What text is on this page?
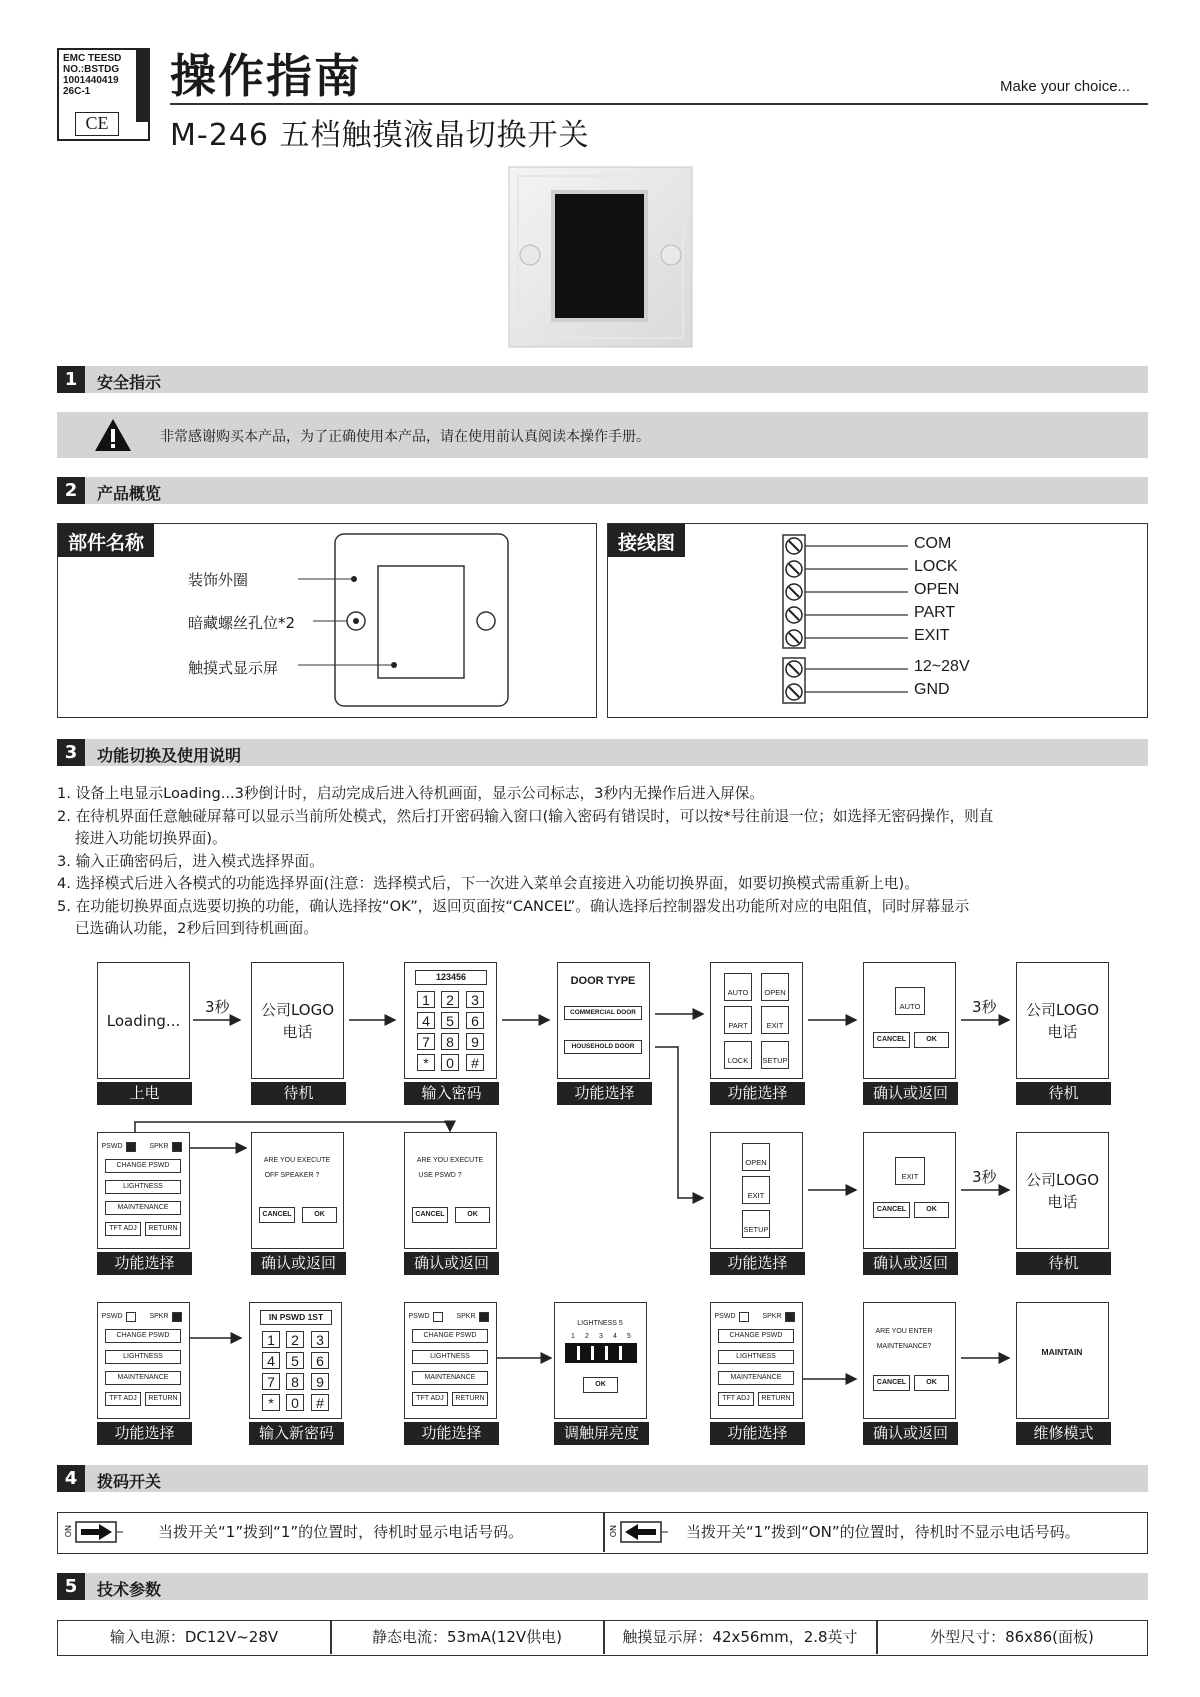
EMC TEESD
NO.:BSTDG
1001440419
26C-1
CE
操作指南	Make your choice...
M-246 五档触摸液晶切换开关
1	安全指示
非常感谢购买本产品，为了正确使用本产品，请在使用前认真阅读本操作手册。
2	产品概览
部件名称
装饰外圈
暗藏螺丝孔位*2
触摸式显示屏
接线图	COM
LOCK
OPEN
PART
EXIT
12~28V
GND
3	功能切换及使用说明
1. 设备上电显示Loading...3秒倒计时，启动完成后进入待机画面，显示公司标志，3秒内无操作后进入屏保。
2. 在待机界面任意触碰屏幕可以显示当前所处模式，然后打开密码输入窗口(输入密码有错误时，可以按*号往前退一位；如选择无密码操作，则直
接进入功能切换界面)。
3. 输入正确密码后，进入模式选择界面。
4. 选择模式后进入各模式的功能选择界面(注意：选择模式后，下一次进入菜单会直接进入功能切换界面，如要切换模式需重新上电)。
5. 在功能切换界面点选要切换的功能，确认选择按“OK”，返回页面按“CANCEL”。确认选择后控制器发出功能所对应的电阻值，同时屏幕显示
已选确认功能，2秒后回到待机画面。
3秒	3秒
3秒
Loading...
上电
公司LOGO
电话
待机
123456
1	2	3
4	5	6
7	8	9
*	0	#
输入密码
DOOR TYPE
COMMERCIAL DOOR
HOUSEHOLD DOOR
功能选择
AUTO	OPEN
PART	EXIT
LOCK	SETUP
功能选择
AUTO
CANCEL	OK
确认或返回
公司LOGO
电话
待机
PSWD	SPKR
CHANGE PSWD
LIGHTNESS
MAINTENANCE
TFT ADJ	RETURN
功能选择
ARE YOU EXECUTE
OFF SPEAKER ?
CANCEL	OK
确认或返回
ARE YOU EXECUTE
USE PSWD ?
CANCEL	OK
确认或返回
OPEN
EXIT
SETUP
功能选择
EXIT
CANCEL	OK
确认或返回
公司LOGO
电话
待机
PSWD	SPKR
CHANGE PSWD
LIGHTNESS
MAINTENANCE
TFT ADJ	RETURN
功能选择
IN PSWD 1ST
1	2	3
4	5	6
7	8	9
*	0	#
输入新密码
PSWD	SPKR
CHANGE PSWD
LIGHTNESS
MAINTENANCE
TFT ADJ	RETURN
功能选择
LIGHTNESS 5
1	2	3	4	5
OK
调触屏亮度
PSWD	SPKR
CHANGE PSWD
LIGHTNESS
MAINTENANCE
TFT ADJ	RETURN
功能选择
ARE YOU ENTER
MAINTENANCE?
CANCEL	OK
确认或返回
MAINTAIN
维修模式
4	拨码开关
ON	当拨开关“1”拨到“1”的位置时，待机时显示电话号码。	ON	当拨开关“1”拨到“ON”的位置时，待机时不显示电话号码。
5	技术参数
输入电源：DC12V~28V	静态电流：53mA(12V供电)	触摸显示屏：42x56mm，2.8英寸	外型尺寸：86x86(面板)
